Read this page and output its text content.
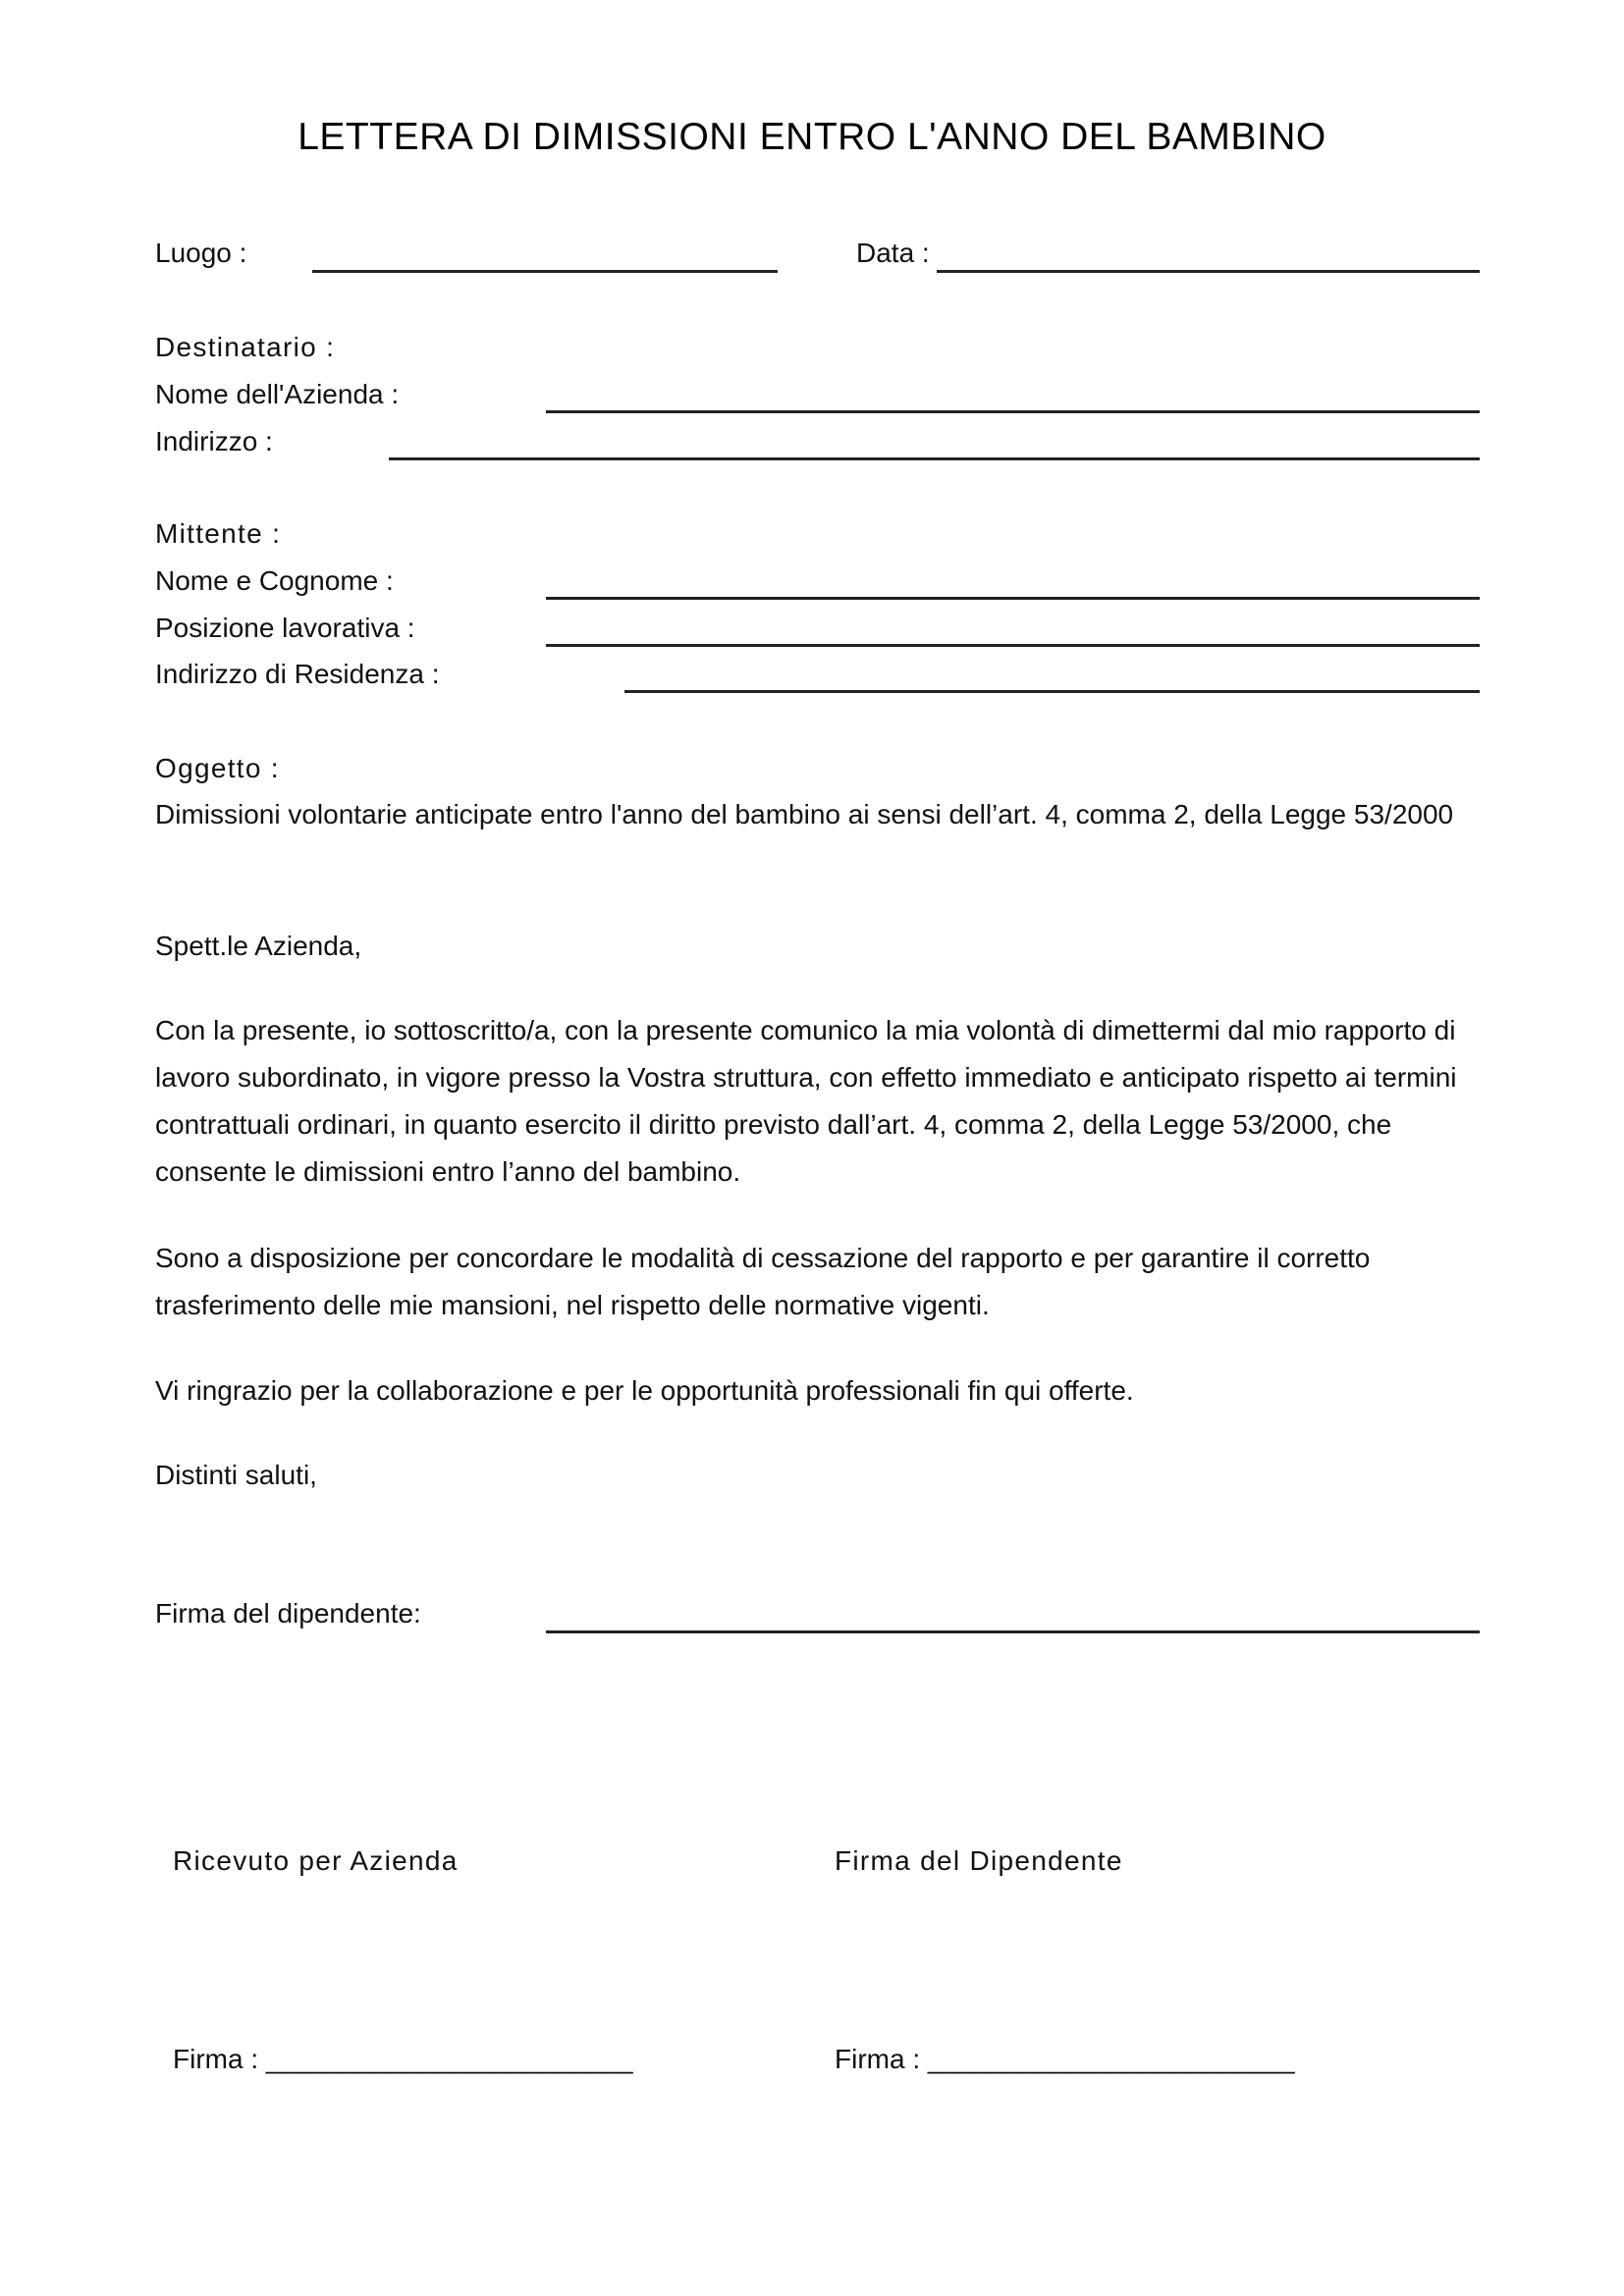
LETTERA DI DIMISSIONI ENTRO L'ANNO DEL BAMBINO
Luogo :	Data :
Destinatario :
Nome dell'Azienda :
Indirizzo :
Mittente :
Nome e Cognome :
Posizione lavorativa :
Indirizzo di Residenza :
Oggetto :
Dimissioni volontarie anticipate entro l'anno del bambino ai sensi dell’art. 4, comma 2, della Legge 53/2000
Spett.le Azienda,

Con la presente, io sottoscritto/a, con la presente comunico la mia volontà di dimettermi dal mio rapporto di
lavoro subordinato, in vigore presso la Vostra struttura, con effetto immediato e anticipato rispetto ai termini
contrattuali ordinari, in quanto esercito il diritto previsto dall’art. 4, comma 2, della Legge 53/2000, che
consente le dimissioni entro l’anno del bambino.

Sono a disposizione per concordare le modalità di cessazione del rapporto e per garantire il corretto
trasferimento delle mie mansioni, nel rispetto delle normative vigenti.

Vi ringrazio per la collaborazione e per le opportunità professionali fin qui offerte.

Distinti saluti,
Firma del dipendente:
Ricevuto per Azienda	Firma del Dipendente
Firma : ________________________	Firma : ________________________
